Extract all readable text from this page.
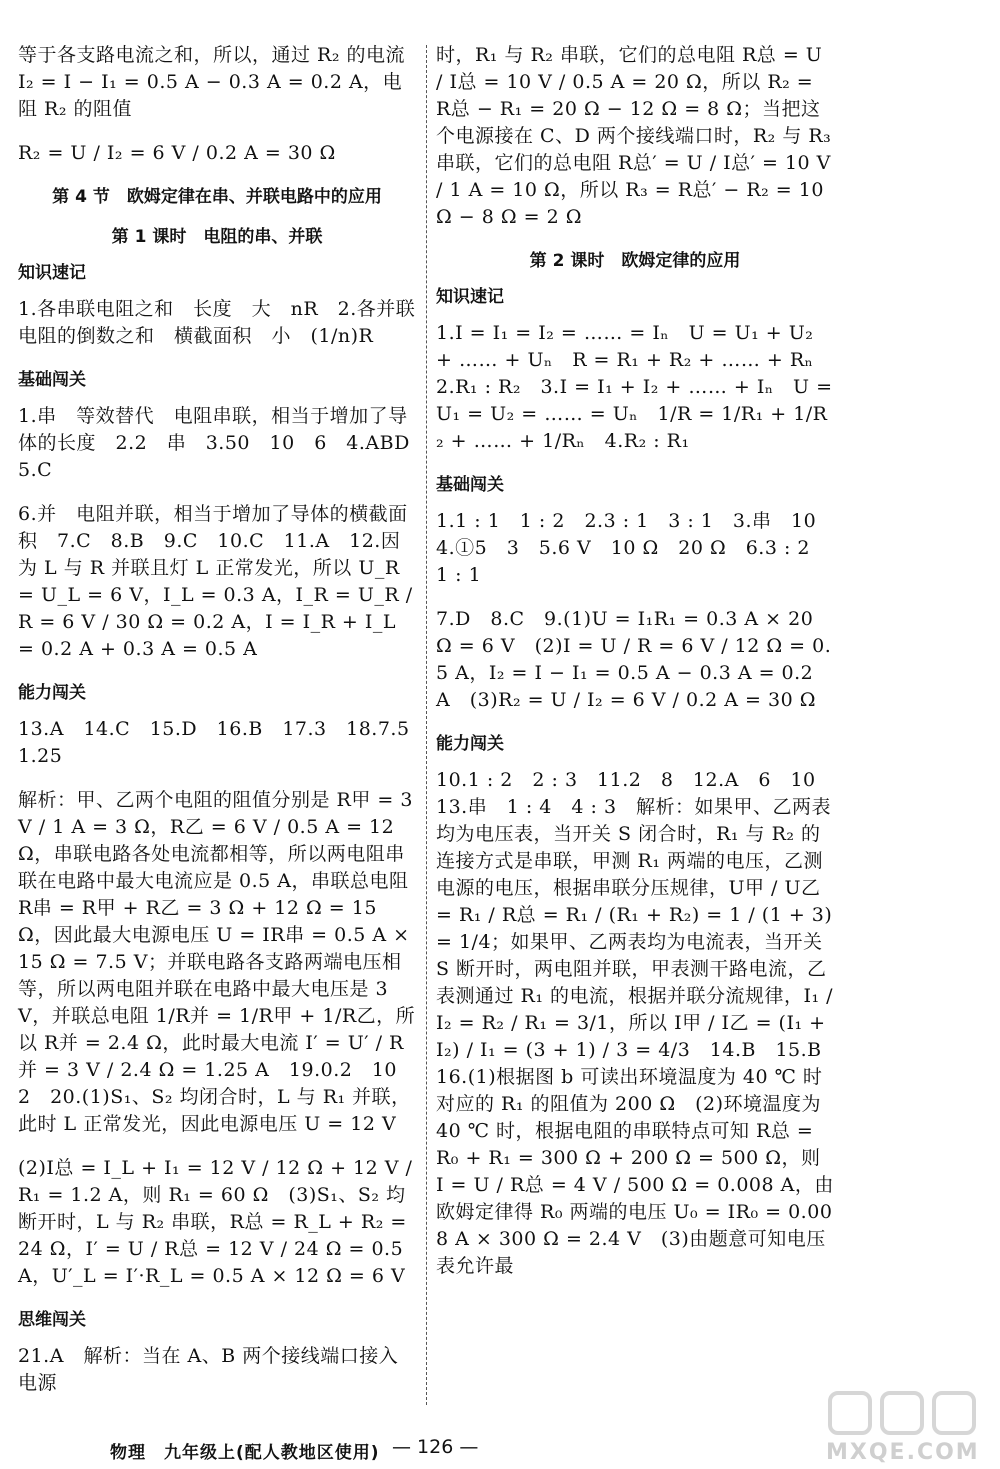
等于各支路电流之和，所以，通过 R₂ 的电流 I₂ = I − I₁ = 0.5 A − 0.3 A = 0.2 A，电阻 R₂ 的阻值
R₂ = U / I₂ = 6 V / 0.2 A = 30 Ω
第 4 节　欧姆定律在串、并联电路中的应用
第 1 课时　电阻的串、并联
知识速记
1.各串联电阻之和　长度　大　nR　2.各并联电阻的倒数之和　横截面积　小　(1/n)R
基础闯关
1.串　等效替代　电阻串联，相当于增加了导体的长度　2.2　串　3.50　10　6　4.ABD　5.C
6.并　电阻并联，相当于增加了导体的横截面积　7.C　8.B　9.C　10.C　11.A　12.因为 L 与 R 并联且灯 L 正常发光，所以 U_R = U_L = 6 V，I_L = 0.3 A，I_R = U_R / R = 6 V / 30 Ω = 0.2 A，I = I_R + I_L = 0.2 A + 0.3 A = 0.5 A
能力闯关
13.A　14.C　15.D　16.B　17.3　18.7.5　1.25
解析：甲、乙两个电阻的阻值分别是 R甲 = 3 V / 1 A = 3 Ω，R乙 = 6 V / 0.5 A = 12 Ω，串联电路各处电流都相等，所以两电阻串联在电路中最大电流应是 0.5 A，串联总电阻 R串 = R甲 + R乙 = 3 Ω + 12 Ω = 15 Ω，因此最大电源电压 U = IR串 = 0.5 A × 15 Ω = 7.5 V；并联电路各支路两端电压相等，所以两电阻并联在电路中最大电压是 3 V，并联总电阻 1/R并 = 1/R甲 + 1/R乙，所以 R并 = 2.4 Ω，此时最大电流 I′ = U′ / R并 = 3 V / 2.4 Ω = 1.25 A　19.0.2　10　2　20.(1)S₁、S₂ 均闭合时，L 与 R₁ 并联，此时 L 正常发光，因此电源电压 U = 12 V
(2)I总 = I_L + I₁ = 12 V / 12 Ω + 12 V / R₁ = 1.2 A，则 R₁ = 60 Ω　(3)S₁、S₂ 均断开时，L 与 R₂ 串联，R总 = R_L + R₂ = 24 Ω，I′ = U / R总 = 12 V / 24 Ω = 0.5 A，U′_L = I′·R_L = 0.5 A × 12 Ω = 6 V
思维闯关
21.A　解析：当在 A、B 两个接线端口接入电源
时，R₁ 与 R₂ 串联，它们的总电阻 R总 = U / I总 = 10 V / 0.5 A = 20 Ω，所以 R₂ = R总 − R₁ = 20 Ω − 12 Ω = 8 Ω；当把这个电源接在 C、D 两个接线端口时，R₂ 与 R₃ 串联，它们的总电阻 R总′ = U / I总′ = 10 V / 1 A = 10 Ω，所以 R₃ = R总′ − R₂ = 10 Ω − 8 Ω = 2 Ω
第 2 课时　欧姆定律的应用
知识速记
1.I = I₁ = I₂ = …… = Iₙ　U = U₁ + U₂ + …… + Uₙ　R = R₁ + R₂ + …… + Rₙ　2.R₁ : R₂　3.I = I₁ + I₂ + …… + Iₙ　U = U₁ = U₂ = …… = Uₙ　1/R = 1/R₁ + 1/R₂ + …… + 1/Rₙ　4.R₂ : R₁
基础闯关
1.1 : 1　1 : 2　2.3 : 1　3 : 1　3.串　10　4.①5　3　5.6 V　10 Ω　20 Ω　6.3 : 2　1 : 1
7.D　8.C　9.(1)U = I₁R₁ = 0.3 A × 20 Ω = 6 V　(2)I = U / R = 6 V / 12 Ω = 0.5 A，I₂ = I − I₁ = 0.5 A − 0.3 A = 0.2 A　(3)R₂ = U / I₂ = 6 V / 0.2 A = 30 Ω
能力闯关
10.1 : 2　2 : 3　11.2　8　12.A　6　10　13.串　1 : 4　4 : 3　解析：如果甲、乙两表均为电压表，当开关 S 闭合时，R₁ 与 R₂ 的连接方式是串联，甲测 R₁ 两端的电压，乙测电源的电压，根据串联分压规律，U甲 / U乙 = R₁ / R总 = R₁ / (R₁ + R₂) = 1 / (1 + 3) = 1/4；如果甲、乙两表均为电流表，当开关 S 断开时，两电阻并联，甲表测干路电流，乙表测通过 R₁ 的电流，根据并联分流规律，I₁ / I₂ = R₂ / R₁ = 3/1，所以 I甲 / I乙 = (I₁ + I₂) / I₁ = (3 + 1) / 3 = 4/3　14.B　15.B　16.(1)根据图 b 可读出环境温度为 40 ℃ 时对应的 R₁ 的阻值为 200 Ω　(2)环境温度为 40 ℃ 时，根据电阻的串联特点可知 R总 = R₀ + R₁ = 300 Ω + 200 Ω = 500 Ω，则 I = U / R总 = 4 V / 500 Ω = 0.008 A，由欧姆定律得 R₀ 两端的电压 U₀ = IR₀ = 0.008 A × 300 Ω = 2.4 V　(3)由题意可知电压表允许最
物理　九年级上(配人教地区使用) — 126 —	MXQE.COM
